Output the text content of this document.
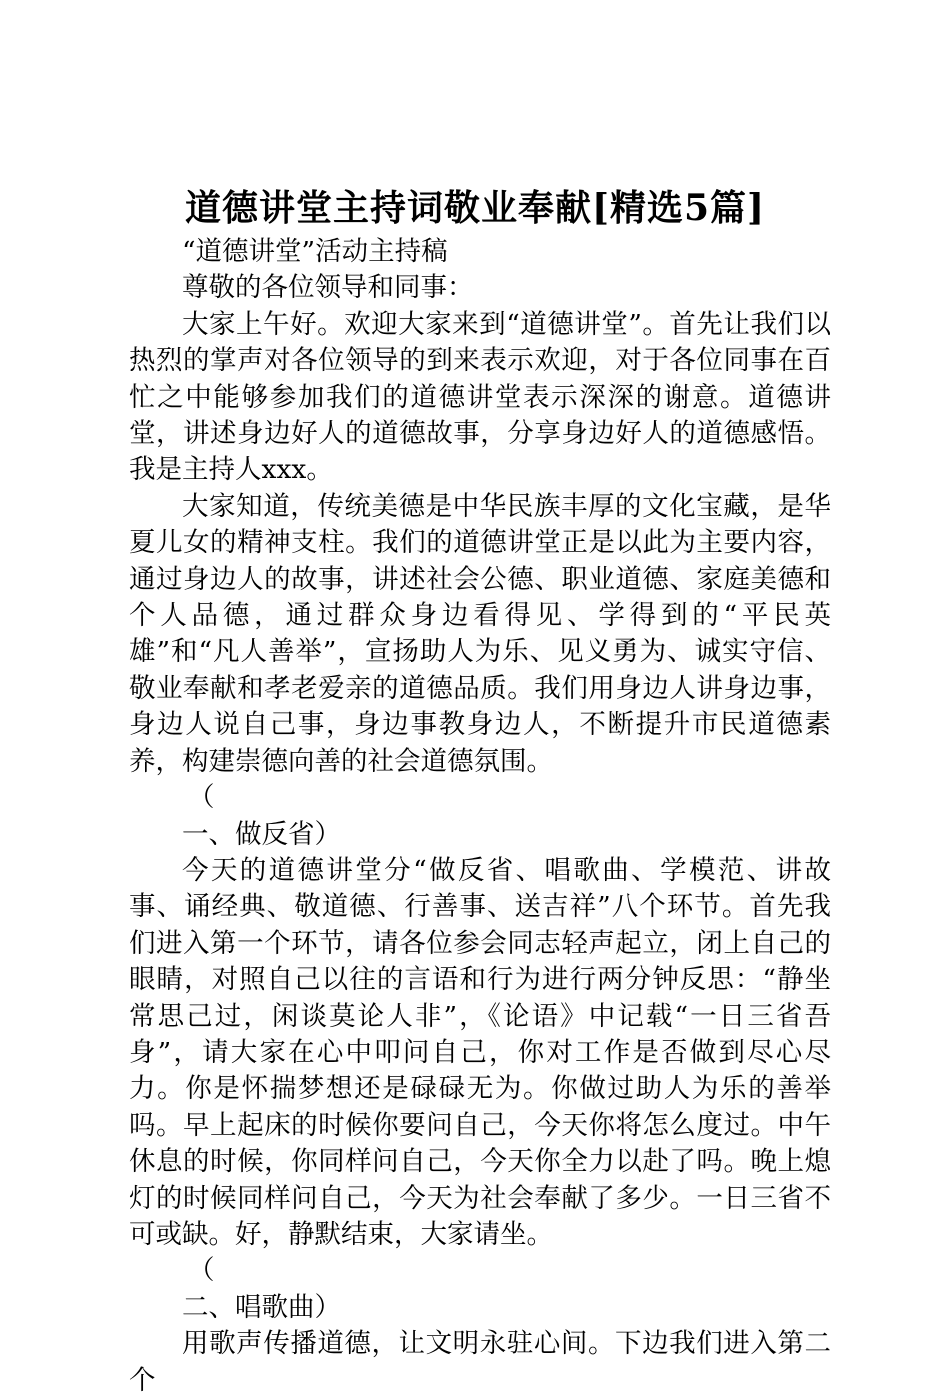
道德讲堂主持词敬业奉献[精选5篇]

“道德讲堂”活动主持稿

尊敬的各位领导和同事：

大家上午好。欢迎大家来到“道德讲堂”。首先让我们以热烈的掌声对各位领导的到来表示欢迎，对于各位同事在百忙之中能够参加我们的道德讲堂表示深深的谢意。道德讲堂，讲述身边好人的道德故事，分享身边好人的道德感悟。我是主持人xxx。

大家知道，传统美德是中华民族丰厚的文化宝藏，是华夏儿女的精神支柱。我们的道德讲堂正是以此为主要内容，通过身边人的故事，讲述社会公德、职业道德、家庭美德和个人品德，通过群众身边看得见、学得到的“平民英雄”和“凡人善举”，宣扬助人为乐、见义勇为、诚实守信、敬业奉献和孝老爱亲的道德品质。我们用身边人讲身边事，身边人说自己事，身边事教身边人，不断提升市民道德素养，构建崇德向善的社会道德氛围。

（

一、做反省）

今天的道德讲堂分“做反省、唱歌曲、学模范、讲故事、诵经典、敬道德、行善事、送吉祥”八个环节。首先我们进入第一个环节，请各位参会同志轻声起立，闭上自己的眼睛，对照自己以往的言语和行为进行两分钟反思：“静坐常思己过，闲谈莫论人非”，《论语》中记载“一日三省吾身”，请大家在心中叩问自己，你对工作是否做到尽心尽力。你是怀揣梦想还是碌碌无为。你做过助人为乐的善举吗。早上起床的时候你要问自己，今天你将怎么度过。中午休息的时候，你同样问自己，今天你全力以赴了吗。晚上熄灯的时候同样问自己，今天为社会奉献了多少。一日三省不可或缺。好，静默结束，大家请坐。

（

二、唱歌曲）

用歌声传播道德，让文明永驻心间。下边我们进入第二个
